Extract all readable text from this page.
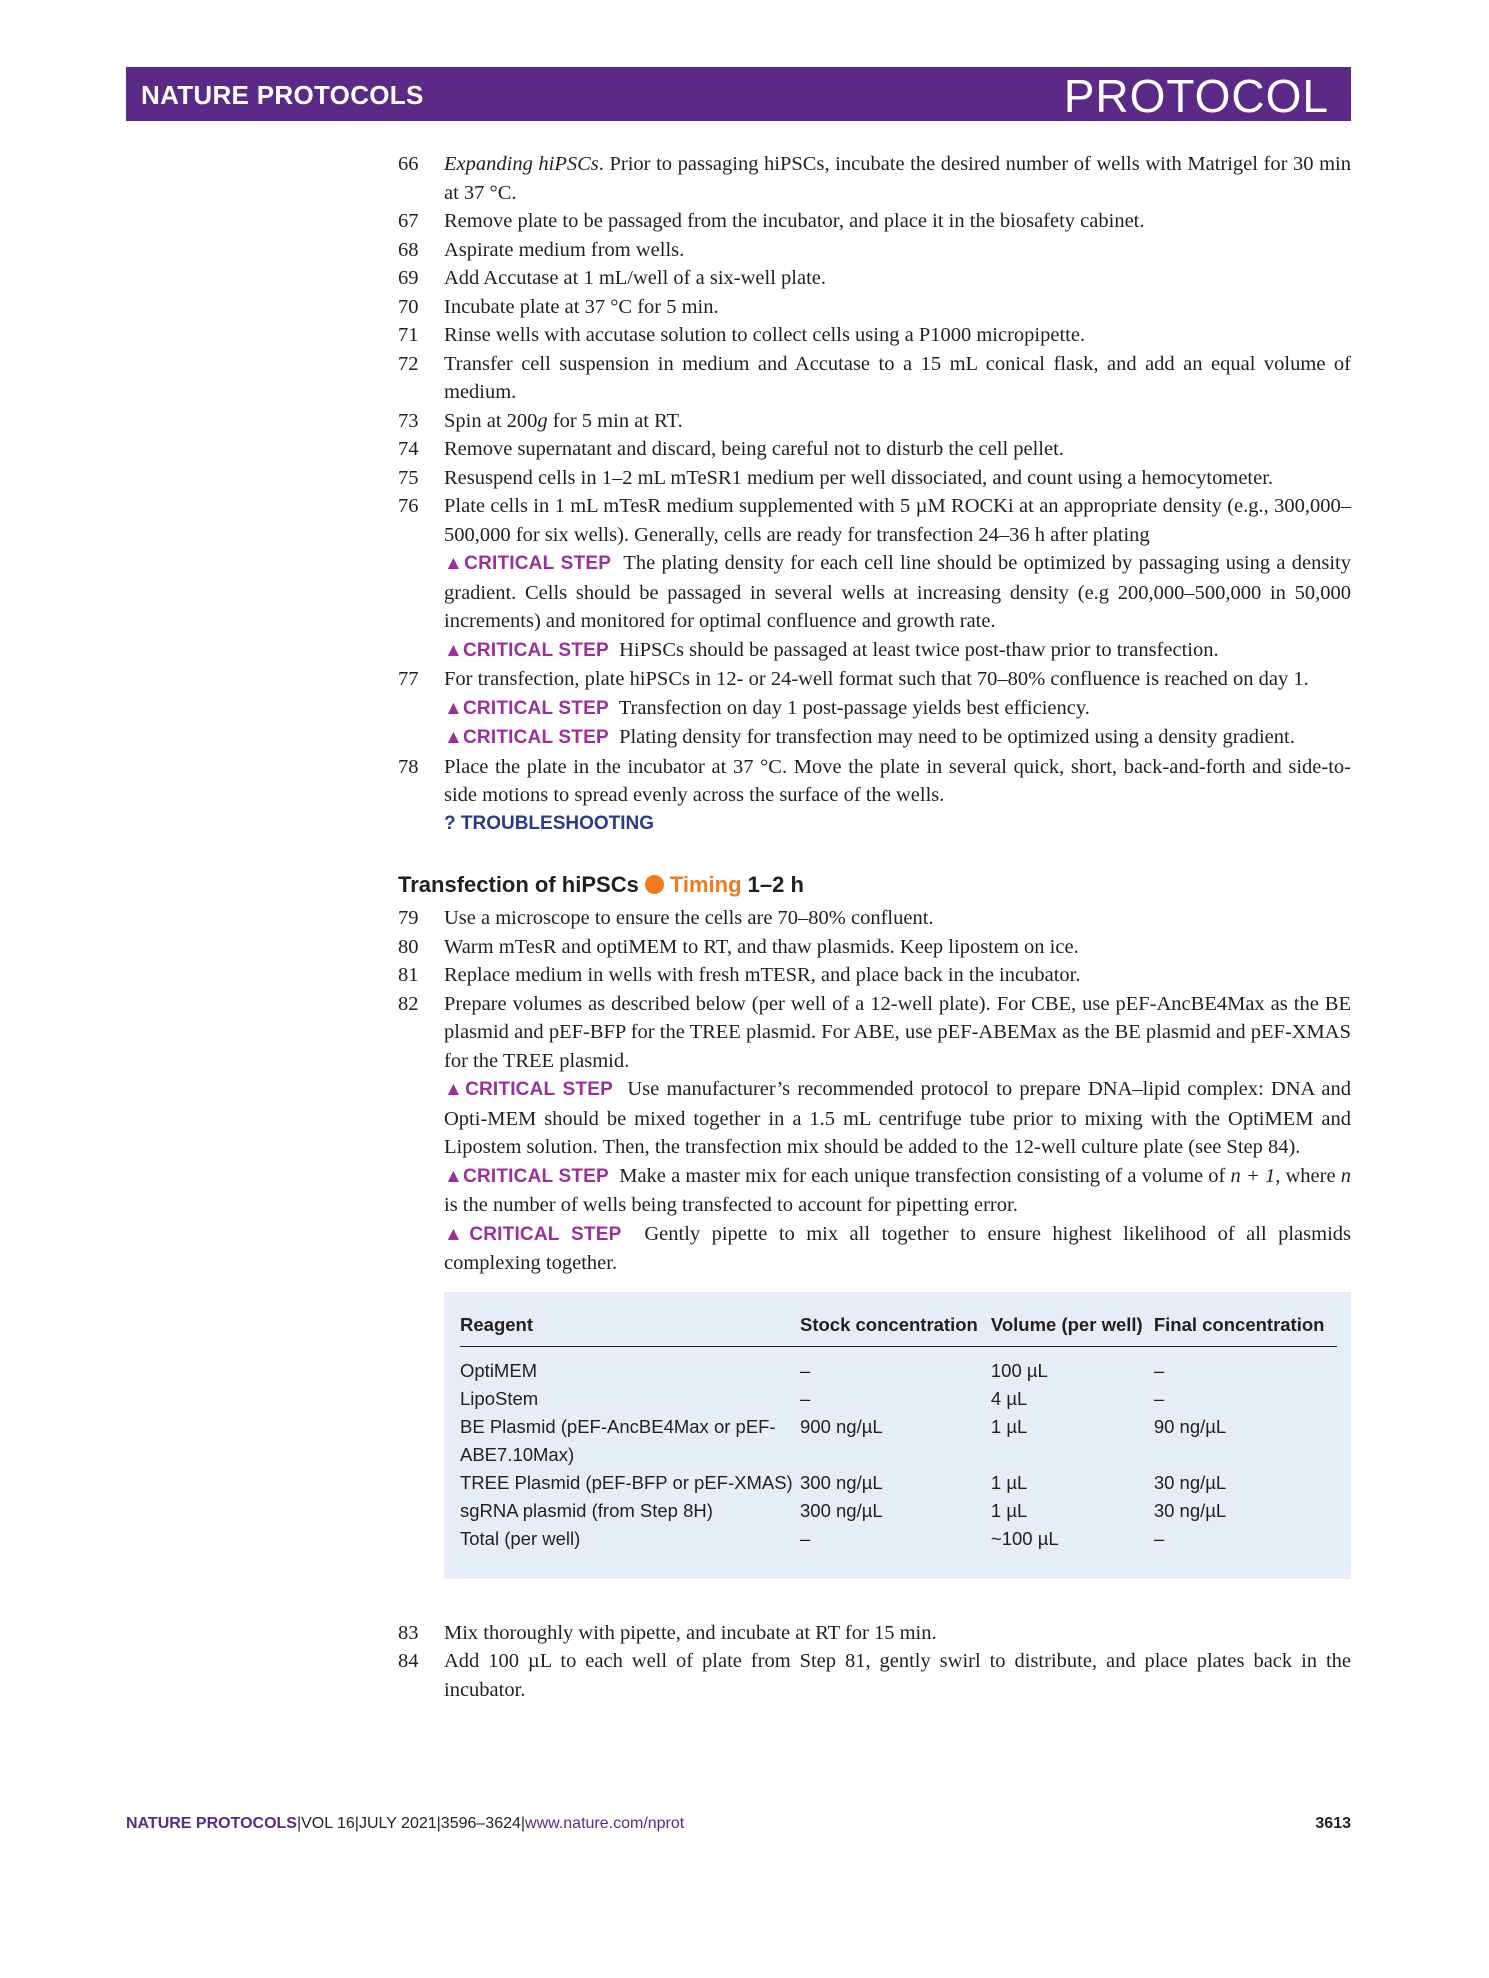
NATURE PROTOCOLS	PROTOCOL
66 Expanding hiPSCs. Prior to passaging hiPSCs, incubate the desired number of wells with Matrigel for 30 min at 37 °C.
67 Remove plate to be passaged from the incubator, and place it in the biosafety cabinet.
68 Aspirate medium from wells.
69 Add Accutase at 1 mL/well of a six-well plate.
70 Incubate plate at 37 °C for 5 min.
71 Rinse wells with accutase solution to collect cells using a P1000 micropipette.
72 Transfer cell suspension in medium and Accutase to a 15 mL conical flask, and add an equal volume of medium.
73 Spin at 200g for 5 min at RT.
74 Remove supernatant and discard, being careful not to disturb the cell pellet.
75 Resuspend cells in 1–2 mL mTeSR1 medium per well dissociated, and count using a hemocytometer.
76 Plate cells in 1 mL mTesR medium supplemented with 5 µM ROCKi at an appropriate density (e.g., 300,000–500,000 for six wells). Generally, cells are ready for transfection 24–36 h after plating
▲CRITICAL STEP The plating density for each cell line should be optimized by passaging using a density gradient. Cells should be passaged in several wells at increasing density (e.g 200,000–500,000 in 50,000 increments) and monitored for optimal confluence and growth rate.
▲CRITICAL STEP HiPSCs should be passaged at least twice post-thaw prior to transfection.
77 For transfection, plate hiPSCs in 12- or 24-well format such that 70–80% confluence is reached on day 1.
▲CRITICAL STEP Transfection on day 1 post-passage yields best efficiency.
▲CRITICAL STEP Plating density for transfection may need to be optimized using a density gradient.
78 Place the plate in the incubator at 37 °C. Move the plate in several quick, short, back-and-forth and side-to-side motions to spread evenly across the surface of the wells.
? TROUBLESHOOTING
Transfection of hiPSCs Timing 1–2 h
79 Use a microscope to ensure the cells are 70–80% confluent.
80 Warm mTesR and optiMEM to RT, and thaw plasmids. Keep lipostem on ice.
81 Replace medium in wells with fresh mTESR, and place back in the incubator.
82 Prepare volumes as described below (per well of a 12-well plate). For CBE, use pEF-AncBE4Max as the BE plasmid and pEF-BFP for the TREE plasmid. For ABE, use pEF-ABEMax as the BE plasmid and pEF-XMAS for the TREE plasmid.
▲CRITICAL STEP Use manufacturer’s recommended protocol to prepare DNA–lipid complex: DNA and Opti-MEM should be mixed together in a 1.5 mL centrifuge tube prior to mixing with the OptiMEM and Lipostem solution. Then, the transfection mix should be added to the 12-well culture plate (see Step 84).
▲CRITICAL STEP Make a master mix for each unique transfection consisting of a volume of n + 1, where n is the number of wells being transfected to account for pipetting error.
▲CRITICAL STEP Gently pipette to mix all together to ensure highest likelihood of all plasmids complexing together.
Reagent	Stock concentration	Volume (per well)	Final concentration
OptiMEM	–	100 µL	–
LipoStem	–	4 µL	–
BE Plasmid (pEF-AncBE4Max or pEF-ABE7.10Max)	900 ng/µL	1 µL	90 ng/µL
TREE Plasmid (pEF-BFP or pEF-XMAS)	300 ng/µL	1 µL	30 ng/µL
sgRNA plasmid (from Step 8H)	300 ng/µL	1 µL	30 ng/µL
Total (per well)	–	~100 µL	–
83 Mix thoroughly with pipette, and incubate at RT for 15 min.
84 Add 100 µL to each well of plate from Step 81, gently swirl to distribute, and place plates back in the incubator.
NATURE PROTOCOLS|VOL 16|JULY 2021|3596–3624|www.nature.com/nprot	3613
